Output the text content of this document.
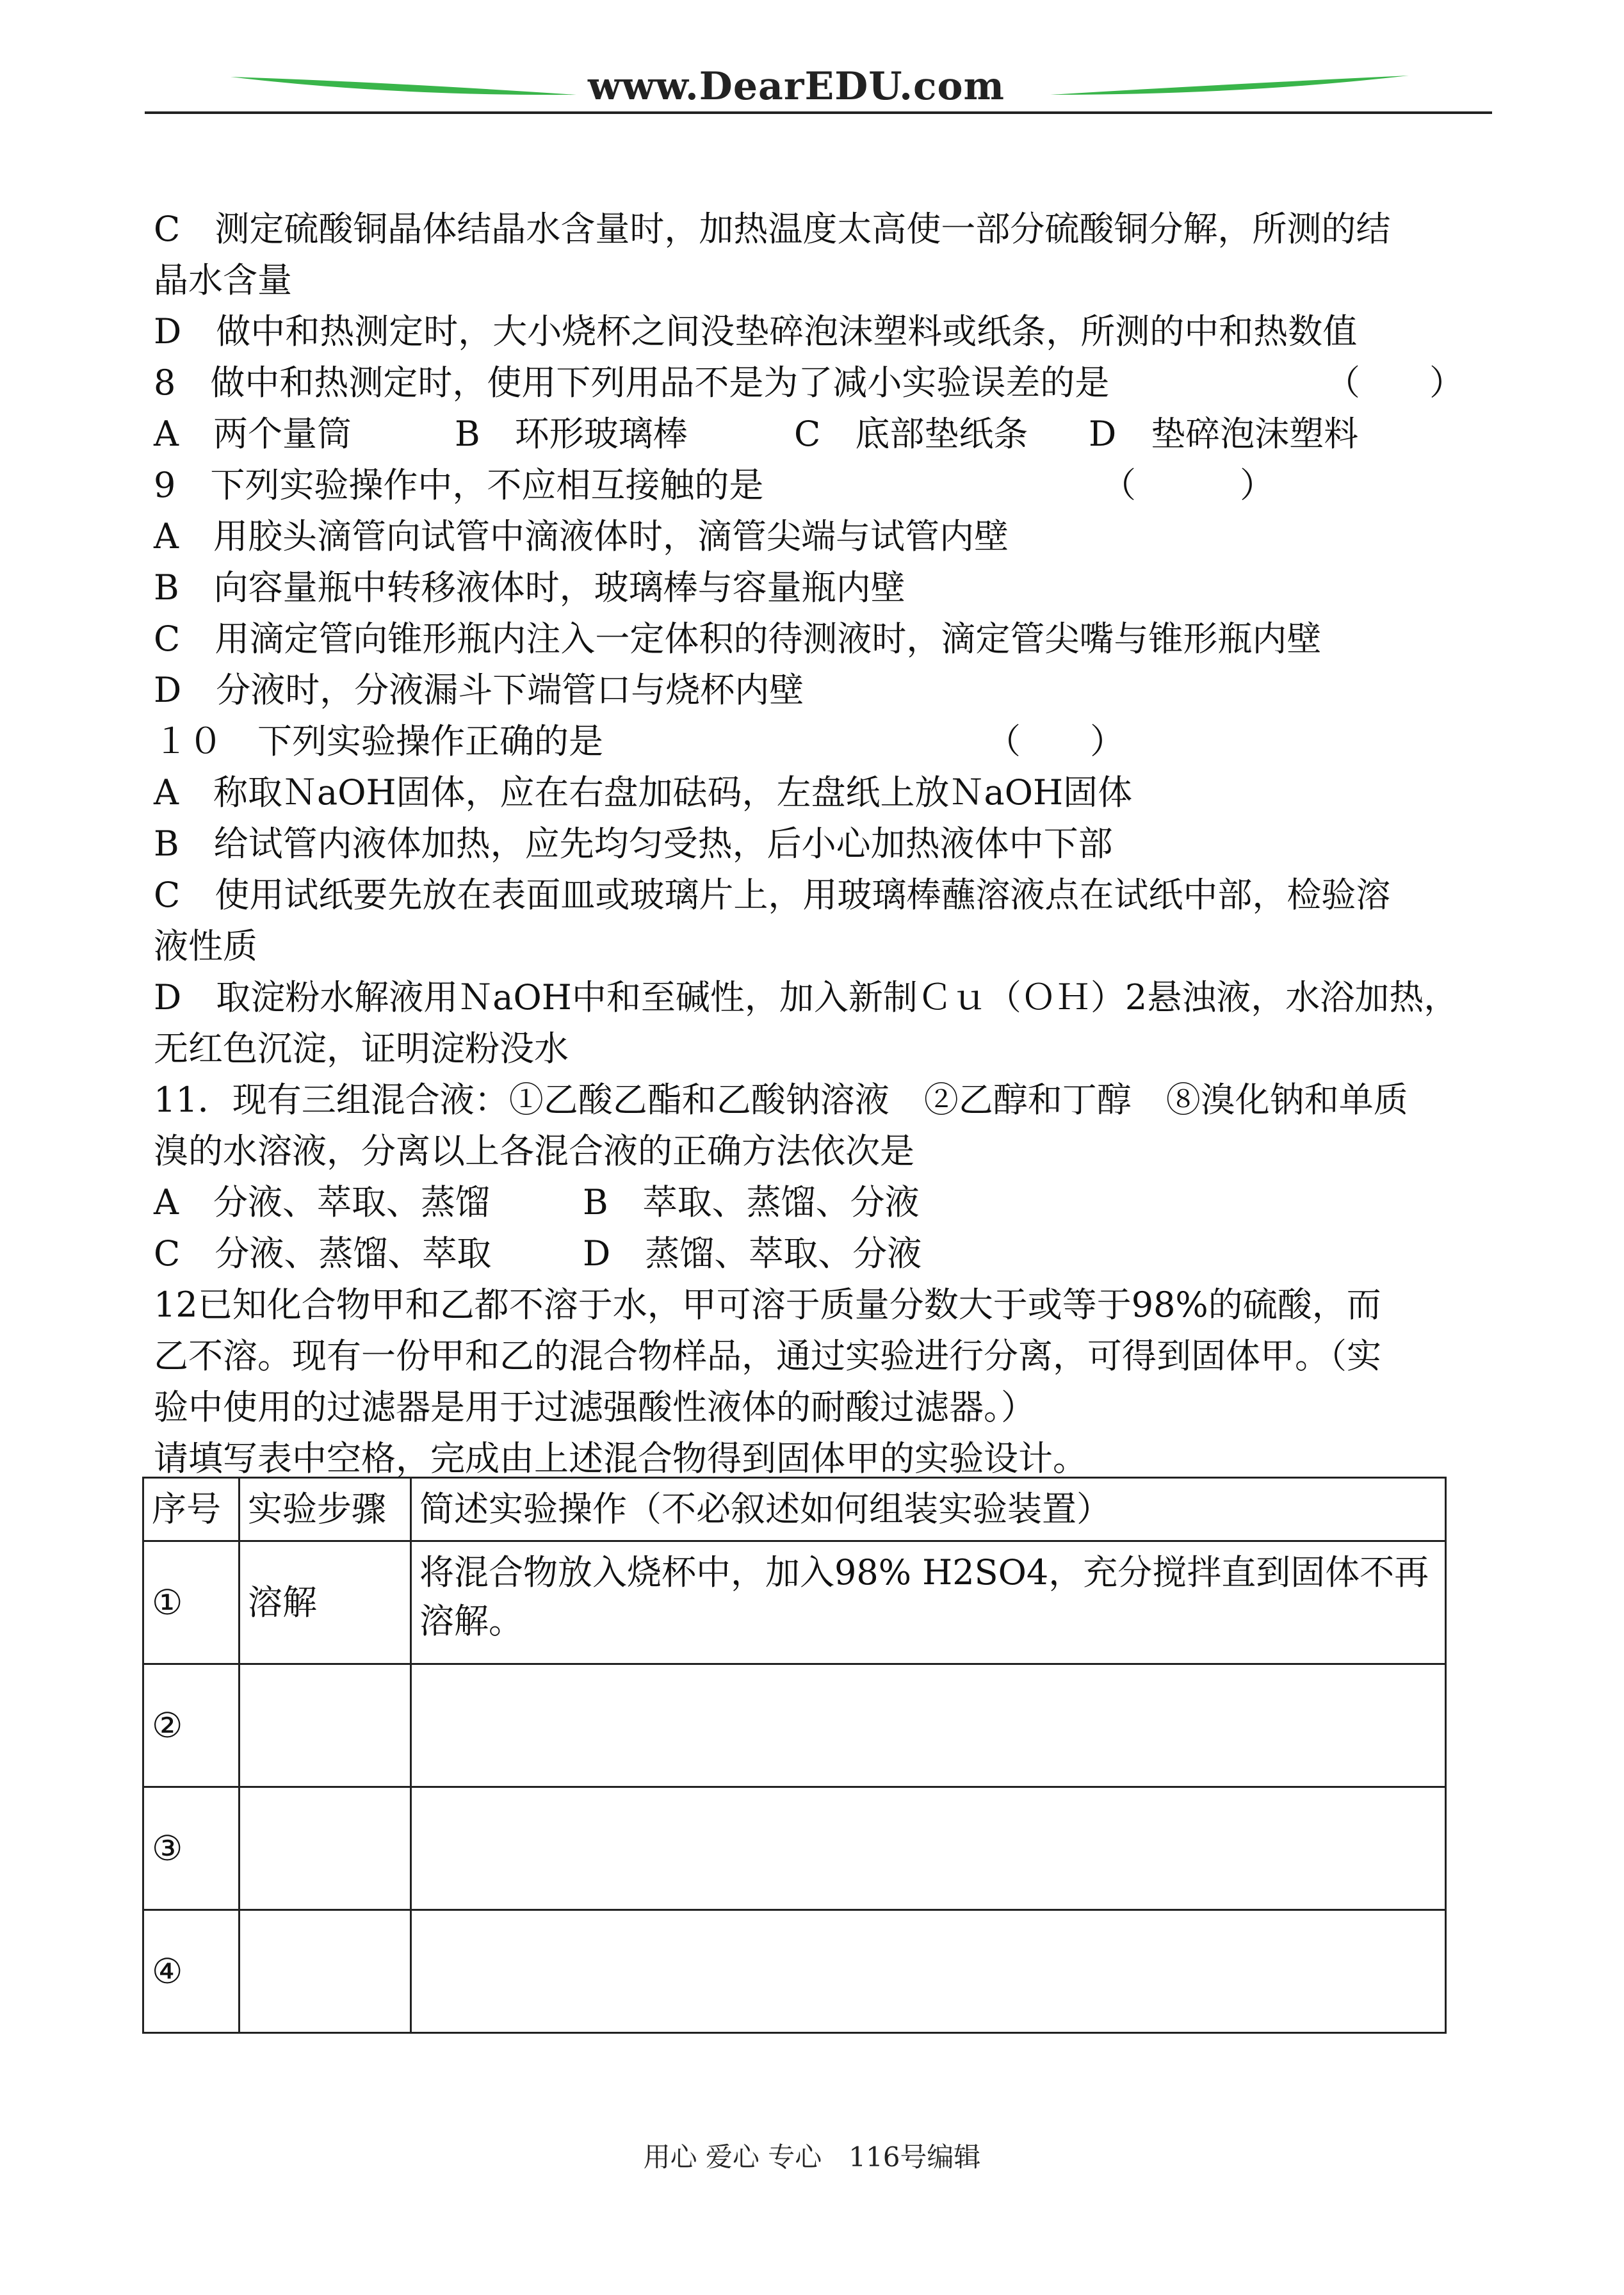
www.DearEDU.com
C　测定硫酸铜晶体结晶水含量时，加热温度太高使一部分硫酸铜分解，所测的结
晶水含量
D　做中和热测定时，大小烧杯之间没垫碎泡沫塑料或纸条，所测的中和热数值
8　做中和热测定时，使用下列用品不是为了减小实验误差的是	（　　）
A　两个量筒	B　环形玻璃棒	C　底部垫纸条 D　垫碎泡沫塑料
9　下列实验操作中，不应相互接触的是	（　　　）
A　用胶头滴管向试管中滴液体时，滴管尖端与试管内壁
B　向容量瓶中转移液体时，玻璃棒与容量瓶内壁
C　用滴定管向锥形瓶内注入一定体积的待测液时，滴定管尖嘴与锥形瓶内壁
D　分液时，分液漏斗下端管口与烧杯内壁
１０　下列实验操作正确的是	（　　）
A　称取ＮaOH固体，应在右盘加砝码，左盘纸上放ＮaOH固体
B　给试管内液体加热，应先均匀受热，后小心加热液体中下部
C　使用试纸要先放在表面皿或玻璃片上，用玻璃棒蘸溶液点在试纸中部，检验溶
液性质
D　取淀粉水解液用ＮaOH中和至碱性，加入新制Ｃｕ（ＯＨ）2悬浊液，水浴加热，
无红色沉淀，证明淀粉没水
11．现有三组混合液：①乙酸乙酯和乙酸钠溶液　②乙醇和丁醇　⑧溴化钠和单质
溴的水溶液，分离以上各混合液的正确方法依次是
A　分液、萃取、蒸馏	B　萃取、蒸馏、分液
C　分液、蒸馏、萃取	D　蒸馏、萃取、分液
12已知化合物甲和乙都不溶于水，甲可溶于质量分数大于或等于98%的硫酸，而
乙不溶。现有一份甲和乙的混合物样品，通过实验进行分离，可得到固体甲。（实
验中使用的过滤器是用于过滤强酸性液体的耐酸过滤器。）
请填写表中空格，完成由上述混合物得到固体甲的实验设计。
序号	实验步骤	简述实验操作（不必叙述如何组装实验装置）
①	溶解	将混合物放入烧杯中，加入98% H2SO4，充分搅拌直到固体不再溶解。
②		
③		
④		
用心 爱心 专心　116号编辑
